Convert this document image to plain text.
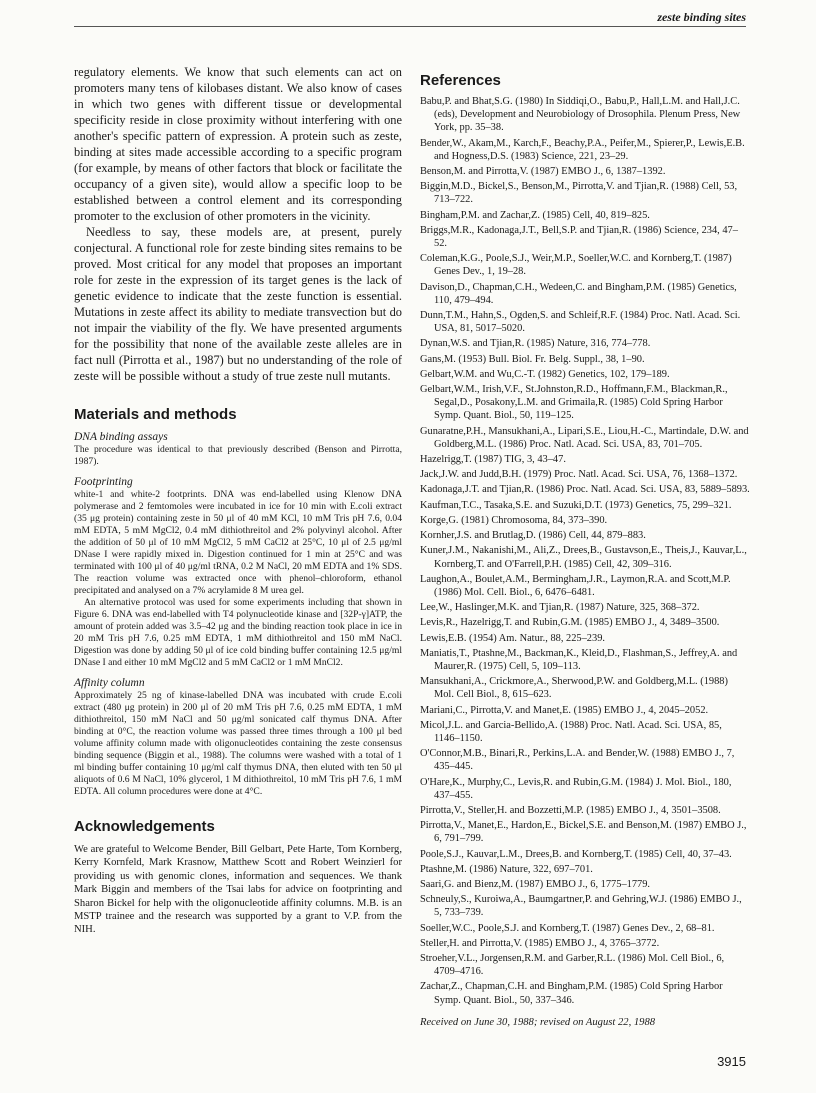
zeste binding sites

regulatory elements. We know that such elements can act on promoters many tens of kilobases distant. We also know of cases in which two genes with different tissue or developmental specificity reside in close proximity without interfering with one another's specific pattern of expression. A protein such as zeste, binding at sites made accessible according to a specific program (for example, by means of other factors that block or facilitate the occupancy of a given site), would allow a specific loop to be established between a control element and its corresponding promoter to the exclusion of other promoters in the vicinity.

Needless to say, these models are, at present, purely conjectural. A functional role for zeste binding sites remains to be proved. Most critical for any model that proposes an important role for zeste in the expression of its target genes is the lack of genetic evidence to indicate that the zeste function is essential. Mutations in zeste affect its ability to mediate transvection but do not impair the viability of the fly. We have presented arguments for the possibility that none of the available zeste alleles are in fact null (Pirrotta et al., 1987) but no understanding of the role of zeste will be possible without a study of true zeste null mutants.

Materials and methods
DNA binding assays

The procedure was identical to that previously described (Benson and Pirrotta, 1987).

Footprinting

white-1 and white-2 footprints. DNA was end-labelled using Klenow DNA polymerase and 2 femtomoles were incubated in ice for 10 min with E.coli extract (35 μg protein) containing zeste in 50 μl of 40 mM KCl, 10 mM Tris pH 7.6, 0.04 mM EDTA, 5 mM MgCl2, 0.4 mM dithiothreitol and 2% polyvinyl alcohol. After the addition of 50 μl of 10 mM MgCl2, 5 mM CaCl2 at 25°C, 10 μl of 2.5 μg/ml DNase I were rapidly mixed in. Digestion continued for 1 min at 25°C and was terminated with 100 μl of 40 μg/ml tRNA, 0.2 M NaCl, 20 mM EDTA and 1% SDS. The reaction volume was extracted once with phenol–chloroform, ethanol precipitated and analysed on a 7% acrylamide 8 M urea gel.

An alternative protocol was used for some experiments including that shown in Figure 6. DNA was end-labelled with T4 polynucleotide kinase and [32P-γ]ATP, the amount of protein added was 3.5–42 μg and the binding reaction took place in ice in 20 mM Tris pH 7.6, 0.25 mM EDTA, 1 mM dithiothreitol and 150 mM NaCl. Digestion was done by adding 50 μl of ice cold binding buffer containing 12.5 μg/ml DNase I and either 10 mM MgCl2 and 5 mM CaCl2 or 1 mM MnCl2.

Affinity column

Approximately 25 ng of kinase-labelled DNA was incubated with crude E.coli extract (480 μg protein) in 200 μl of 20 mM Tris pH 7.6, 0.25 mM EDTA, 1 mM dithiothreitol, 150 mM NaCl and 50 μg/ml sonicated calf thymus DNA. After binding at 0°C, the reaction volume was passed three times through a 100 μl bed volume affinity column made with oligonucleotides containing the zeste consensus binding sequence (Biggin et al., 1988). The columns were washed with a total of 1 ml binding buffer containing 10 μg/ml calf thymus DNA, then eluted with ten 50 μl aliquots of 0.6 M NaCl, 10% glycerol, 1 M dithiothreitol, 10 mM Tris pH 7.6, 1 mM EDTA. All column procedures were done at 4°C.

Acknowledgements

We are grateful to Welcome Bender, Bill Gelbart, Pete Harte, Tom Kornberg, Kerry Kornfeld, Mark Krasnow, Matthew Scott and Robert Weinzierl for providing us with genomic clones, information and sequences. We thank Mark Biggin and members of the Tsai labs for advice on footprinting and Sharon Bickel for help with the oligonucleotide affinity columns. M.B. is an MSTP trainee and the research was supported by a grant to V.P. from the NIH.

References

Babu,P. and Bhat,S.G. (1980) In Siddiqi,O., Babu,P., Hall,L.M. and Hall,J.C. (eds), Development and Neurobiology of Drosophila. Plenum Press, New York, pp. 35–38.

Bender,W., Akam,M., Karch,F., Beachy,P.A., Peifer,M., Spierer,P., Lewis,E.B. and Hogness,D.S. (1983) Science, 221, 23–29.

Benson,M. and Pirrotta,V. (1987) EMBO J., 6, 1387–1392.

Biggin,M.D., Bickel,S., Benson,M., Pirrotta,V. and Tjian,R. (1988) Cell, 53, 713–722.

Bingham,P.M. and Zachar,Z. (1985) Cell, 40, 819–825.

Briggs,M.R., Kadonaga,J.T., Bell,S.P. and Tjian,R. (1986) Science, 234, 47–52.

Coleman,K.G., Poole,S.J., Weir,M.P., Soeller,W.C. and Kornberg,T. (1987) Genes Dev., 1, 19–28.

Davison,D., Chapman,C.H., Wedeen,C. and Bingham,P.M. (1985) Genetics, 110, 479–494.

Dunn,T.M., Hahn,S., Ogden,S. and Schleif,R.F. (1984) Proc. Natl. Acad. Sci. USA, 81, 5017–5020.

Dynan,W.S. and Tjian,R. (1985) Nature, 316, 774–778.

Gans,M. (1953) Bull. Biol. Fr. Belg. Suppl., 38, 1–90.

Gelbart,W.M. and Wu,C.-T. (1982) Genetics, 102, 179–189.

Gelbart,W.M., Irish,V.F., St.Johnston,R.D., Hoffmann,F.M., Blackman,R., Segal,D., Posakony,L.M. and Grimaila,R. (1985) Cold Spring Harbor Symp. Quant. Biol., 50, 119–125.

Gunaratne,P.H., Mansukhani,A., Lipari,S.E., Liou,H.-C., Martindale, D.W. and Goldberg,M.L. (1986) Proc. Natl. Acad. Sci. USA, 83, 701–705.

Hazelrigg,T. (1987) TIG, 3, 43–47.

Jack,J.W. and Judd,B.H. (1979) Proc. Natl. Acad. Sci. USA, 76, 1368–1372.

Kadonaga,J.T. and Tjian,R. (1986) Proc. Natl. Acad. Sci. USA, 83, 5889–5893.

Kaufman,T.C., Tasaka,S.E. and Suzuki,D.T. (1973) Genetics, 75, 299–321.

Korge,G. (1981) Chromosoma, 84, 373–390.

Kornher,J.S. and Brutlag,D. (1986) Cell, 44, 879–883.

Kuner,J.M., Nakanishi,M., Ali,Z., Drees,B., Gustavson,E., Theis,J., Kauvar,L., Kornberg,T. and O'Farrell,P.H. (1985) Cell, 42, 309–316.

Laughon,A., Boulet,A.M., Bermingham,J.R., Laymon,R.A. and Scott,M.P. (1986) Mol. Cell. Biol., 6, 6476–6481.

Lee,W., Haslinger,M.K. and Tjian,R. (1987) Nature, 325, 368–372.

Levis,R., Hazelrigg,T. and Rubin,G.M. (1985) EMBO J., 4, 3489–3500.

Lewis,E.B. (1954) Am. Natur., 88, 225–239.

Maniatis,T., Ptashne,M., Backman,K., Kleid,D., Flashman,S., Jeffrey,A. and Maurer,R. (1975) Cell, 5, 109–113.

Mansukhani,A., Crickmore,A., Sherwood,P.W. and Goldberg,M.L. (1988) Mol. Cell Biol., 8, 615–623.

Mariani,C., Pirrotta,V. and Manet,E. (1985) EMBO J., 4, 2045–2052.

Micol,J.L. and Garcia-Bellido,A. (1988) Proc. Natl. Acad. Sci. USA, 85, 1146–1150.

O'Connor,M.B., Binari,R., Perkins,L.A. and Bender,W. (1988) EMBO J., 7, 435–445.

O'Hare,K., Murphy,C., Levis,R. and Rubin,G.M. (1984) J. Mol. Biol., 180, 437–455.

Pirrotta,V., Steller,H. and Bozzetti,M.P. (1985) EMBO J., 4, 3501–3508.

Pirrotta,V., Manet,E., Hardon,E., Bickel,S.E. and Benson,M. (1987) EMBO J., 6, 791–799.

Poole,S.J., Kauvar,L.M., Drees,B. and Kornberg,T. (1985) Cell, 40, 37–43.

Ptashne,M. (1986) Nature, 322, 697–701.

Saari,G. and Bienz,M. (1987) EMBO J., 6, 1775–1779.

Schneuly,S., Kuroiwa,A., Baumgartner,P. and Gehring,W.J. (1986) EMBO J., 5, 733–739.

Soeller,W.C., Poole,S.J. and Kornberg,T. (1987) Genes Dev., 2, 68–81.

Steller,H. and Pirrotta,V. (1985) EMBO J., 4, 3765–3772.

Stroeher,V.L., Jorgensen,R.M. and Garber,R.L. (1986) Mol. Cell Biol., 6, 4709–4716.

Zachar,Z., Chapman,C.H. and Bingham,P.M. (1985) Cold Spring Harbor Symp. Quant. Biol., 50, 337–346.

Received on June 30, 1988; revised on August 22, 1988

3915
